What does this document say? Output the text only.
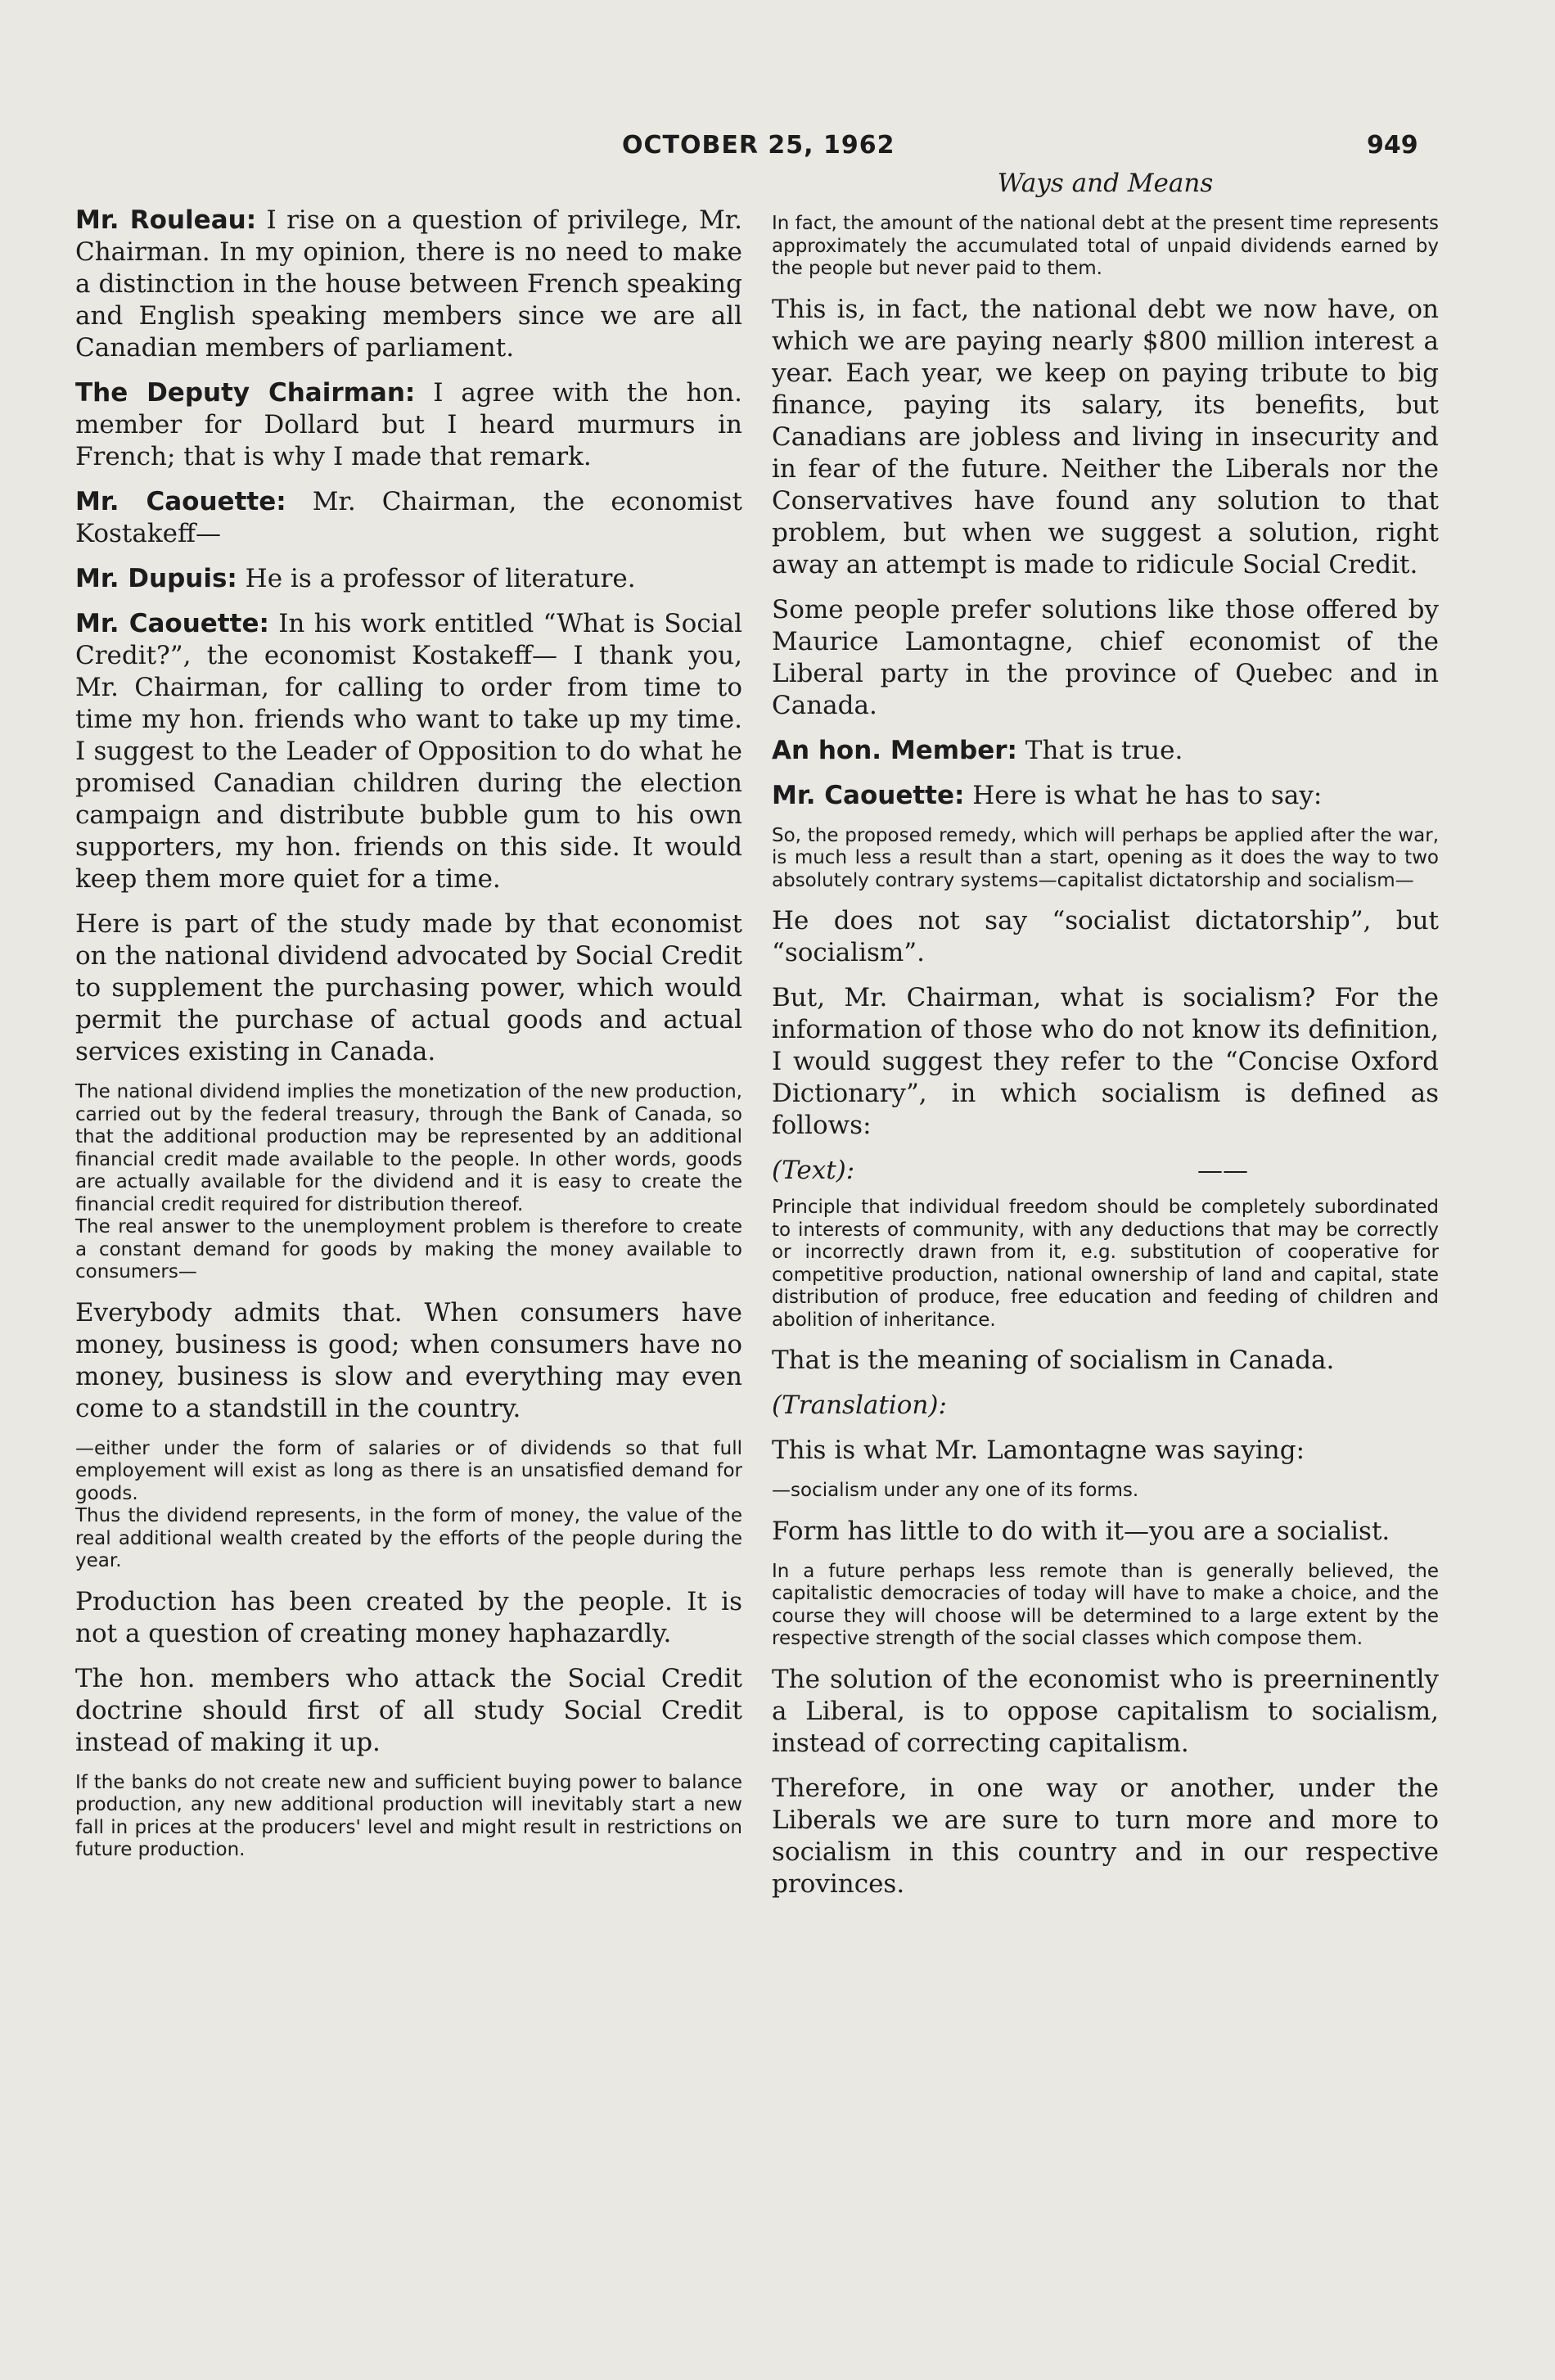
OCTOBER 25, 1962	949

Mr. Rouleau: I rise on a question of privilege, Mr. Chairman. In my opinion, there is no need to make a distinction in the house between French speaking and English speaking members since we are all Canadian members of parliament.

The Deputy Chairman: I agree with the hon. member for Dollard but I heard murmurs in French; that is why I made that remark.

Mr. Caouette: Mr. Chairman, the economist Kostakeff—

Mr. Dupuis: He is a professor of literature.

Mr. Caouette: In his work entitled “What is Social Credit?”, the economist Kostakeff— I thank you, Mr. Chairman, for calling to order from time to time my hon. friends who want to take up my time. I suggest to the Leader of Opposition to do what he promised Canadian children during the election campaign and distribute bubble gum to his own supporters, my hon. friends on this side. It would keep them more quiet for a time.

Here is part of the study made by that economist on the national dividend advocated by Social Credit to supplement the purchasing power, which would permit the purchase of actual goods and actual services existing in Canada.

The national dividend implies the monetization of the new production, carried out by the federal treasury, through the Bank of Canada, so that the additional production may be represented by an additional financial credit made available to the people. In other words, goods are actually available for the dividend and it is easy to create the financial credit required for distribution thereof.

The real answer to the unemployment problem is therefore to create a constant demand for goods by making the money available to consumers—

Everybody admits that. When consumers have money, business is good; when consumers have no money, business is slow and everything may even come to a standstill in the country.

—either under the form of salaries or of dividends so that full employement will exist as long as there is an unsatisfied demand for goods.

Thus the dividend represents, in the form of money, the value of the real additional wealth created by the efforts of the people during the year.

Production has been created by the people. It is not a question of creating money haphazardly.

The hon. members who attack the Social Credit doctrine should first of all study Social Credit instead of making it up.

If the banks do not create new and sufficient buying power to balance production, any new additional production will inevitably start a new fall in prices at the producers' level and might result in restrictions on future production.

Ways and Means

In fact, the amount of the national debt at the present time represents approximately the accumulated total of unpaid dividends earned by the people but never paid to them.

This is, in fact, the national debt we now have, on which we are paying nearly $800 million interest a year. Each year, we keep on paying tribute to big finance, paying its salary, its benefits, but Canadians are jobless and living in insecurity and in fear of the future. Neither the Liberals nor the Conservatives have found any solution to that problem, but when we suggest a solution, right away an attempt is made to ridicule Social Credit.

Some people prefer solutions like those offered by Maurice Lamontagne, chief economist of the Liberal party in the province of Quebec and in Canada.

An hon. Member: That is true.

Mr. Caouette: Here is what he has to say:

So, the proposed remedy, which will perhaps be applied after the war, is much less a result than a start, opening as it does the way to two absolutely contrary systems—capitalist dictatorship and socialism—

He does not say “socialist dictatorship”, but “socialism”.

But, Mr. Chairman, what is socialism? For the information of those who do not know its definition, I would suggest they refer to the “Concise Oxford Dictionary”, in which socialism is defined as follows:

(Text):	——

Principle that individual freedom should be completely subordinated to interests of community, with any deductions that may be correctly or incorrectly drawn from it, e.g. substitution of cooperative for competitive production, national ownership of land and capital, state distribution of produce, free education and feeding of children and abolition of inheritance.

That is the meaning of socialism in Canada.

(Translation):

This is what Mr. Lamontagne was saying:

—socialism under any one of its forms.

Form has little to do with it—you are a socialist.

In a future perhaps less remote than is generally believed, the capitalistic democracies of today will have to make a choice, and the course they will choose will be determined to a large extent by the respective strength of the social classes which compose them.

The solution of the economist who is preerninently a Liberal, is to oppose capitalism to socialism, instead of correcting capitalism.

Therefore, in one way or another, under the Liberals we are sure to turn more and more to socialism in this country and in our respective provinces.
